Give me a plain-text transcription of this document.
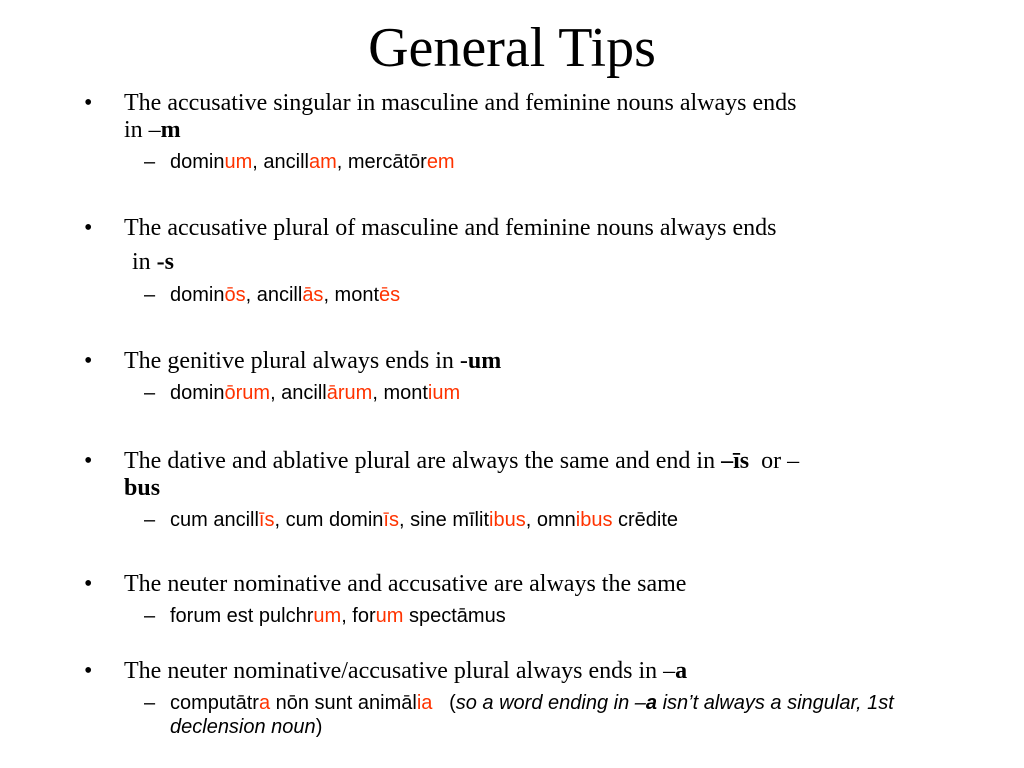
General Tips
• The accusative singular in masculine and feminine nouns always ends
in –m
– dominum, ancillam, mercātōrem
• The accusative plural of masculine and feminine nouns always ends
in -s
– dominōs, ancillās, montēs
• The genitive plural always ends in -um
– dominōrum, ancillārum, montium
• The dative and ablative plural are always the same and end in –īs  or –
bus
– cum ancillīs, cum dominīs, sine mīlitibus, omnibus crēdite
• The neuter nominative and accusative are always the same
– forum est pulchrum, forum spectāmus
• The neuter nominative/accusative plural always ends in –a
– computātra nōn sunt animālia   (so a word ending in –a isn’t always a singular, 1st declension noun)
